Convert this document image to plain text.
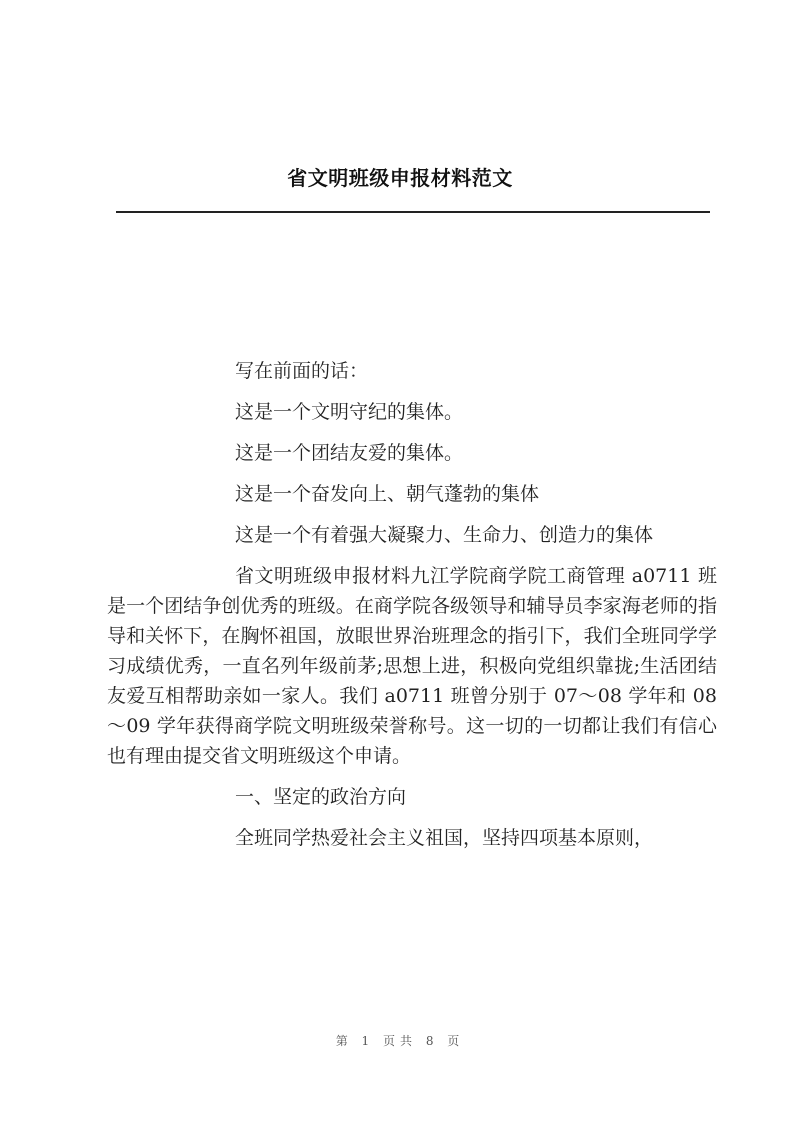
省文明班级申报材料范文

写在前面的话：

这是一个文明守纪的集体。

这是一个团结友爱的集体。

这是一个奋发向上、朝气蓬勃的集体

这是一个有着强大凝聚力、生命力、创造力的集体

省文明班级申报材料九江学院商学院工商管理 a0711 班是一个团结争创优秀的班级。在商学院各级领导和辅导员李家海老师的指导和关怀下，在胸怀祖国，放眼世界治班理念的指引下，我们全班同学学习成绩优秀，一直名列年级前茅;思想上进，积极向党组织靠拢;生活团结友爱互相帮助亲如一家人。我们 a0711 班曾分别于 07～08 学年和 08～09 学年获得商学院文明班级荣誉称号。这一切的一切都让我们有信心也有理由提交省文明班级这个申请。

一、坚定的政治方向

全班同学热爱社会主义祖国，坚持四项基本原则，

第 1 页共 8 页
